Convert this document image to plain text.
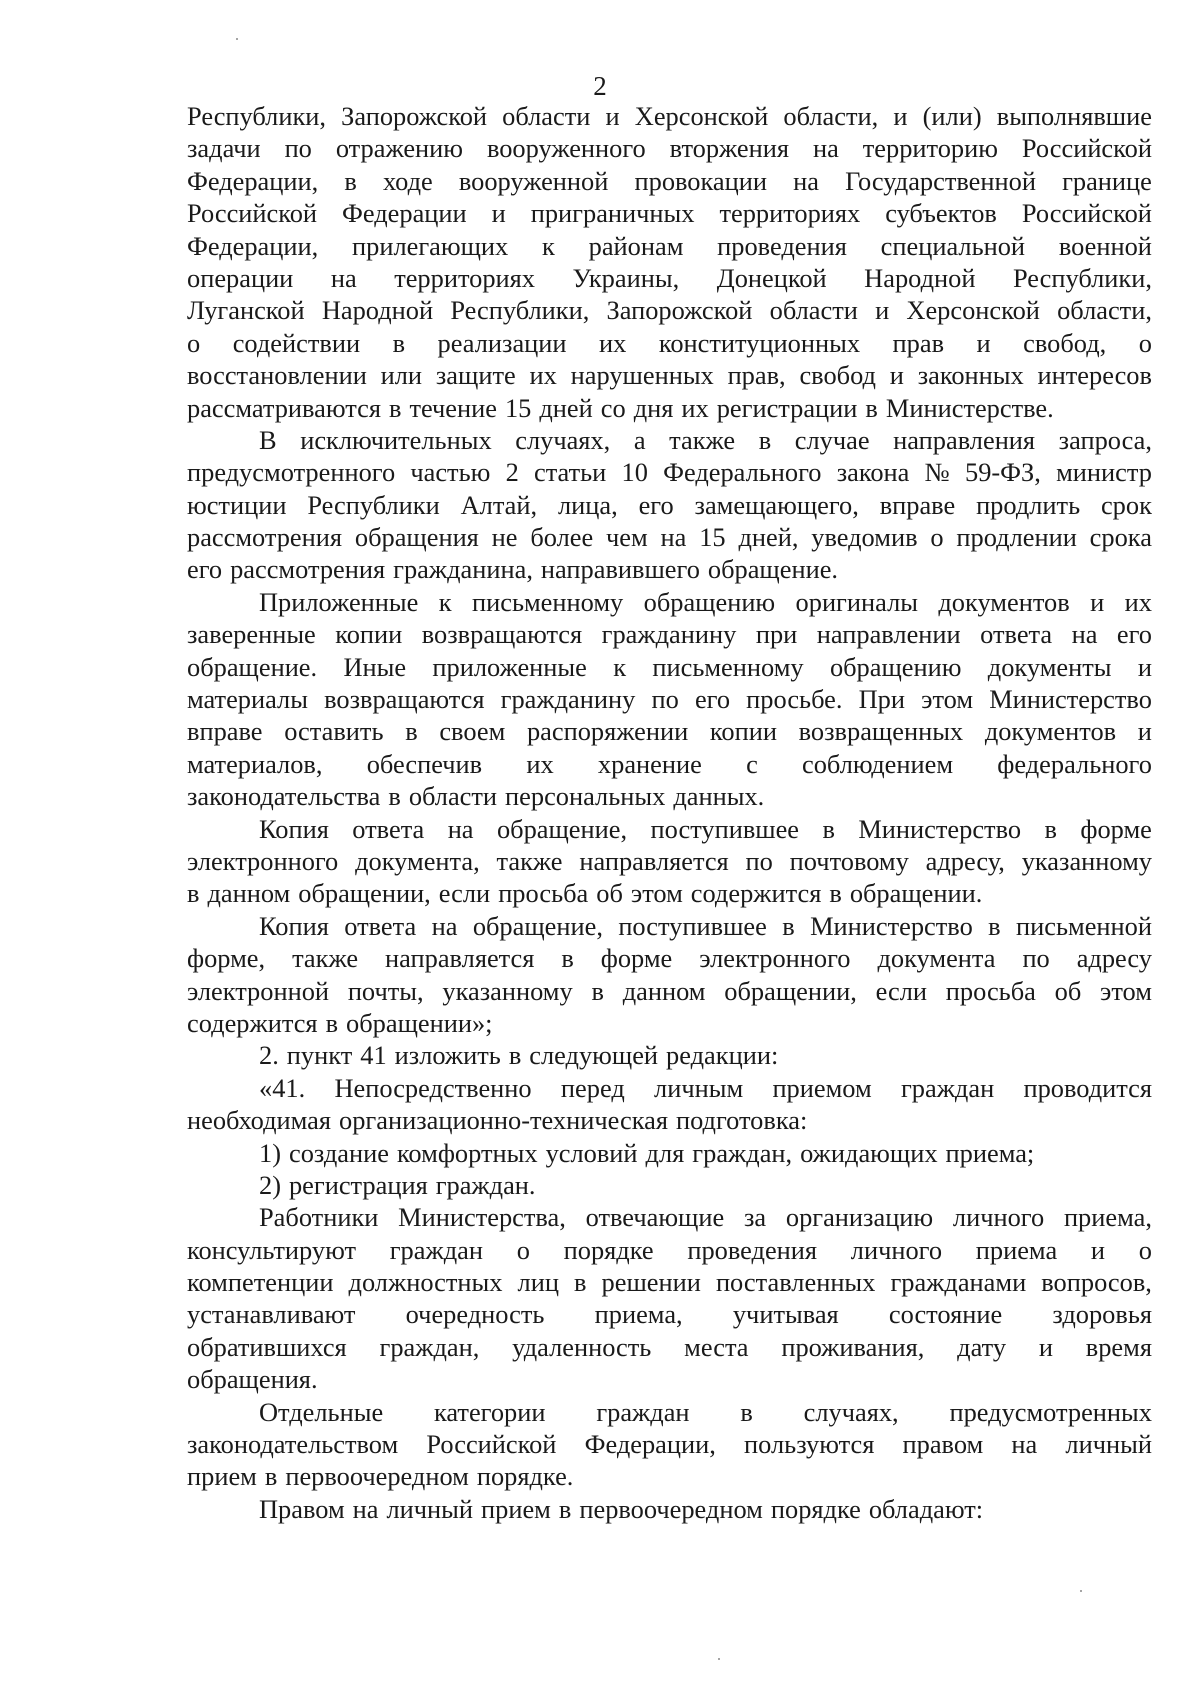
2
Республики, Запорожской области и Херсонской области, и (или) выполнявшие
задачи по отражению вооруженного вторжения на территорию Российской
Федерации, в ходе вооруженной провокации на Государственной границе
Российской Федерации и приграничных территориях субъектов Российской
Федерации, прилегающих к районам проведения специальной военной
операции на территориях Украины, Донецкой Народной Республики,
Луганской Народной Республики, Запорожской области и Херсонской области,
о содействии в реализации их конституционных прав и свобод, о
восстановлении или защите их нарушенных прав, свобод и законных интересов
рассматриваются в течение 15 дней со дня их регистрации в Министерстве.
В исключительных случаях, а также в случае направления запроса,
предусмотренного частью 2 статьи 10 Федерального закона № 59-ФЗ, министр
юстиции Республики Алтай, лица, его замещающего, вправе продлить срок
рассмотрения обращения не более чем на 15 дней, уведомив о продлении срока
его рассмотрения гражданина, направившего обращение.
Приложенные к письменному обращению оригиналы документов и их
заверенные копии возвращаются гражданину при направлении ответа на его
обращение. Иные приложенные к письменному обращению документы и
материалы возвращаются гражданину по его просьбе. При этом Министерство
вправе оставить в своем распоряжении копии возвращенных документов и
материалов, обеспечив их хранение с соблюдением федерального
законодательства в области персональных данных.
Копия ответа на обращение, поступившее в Министерство в форме
электронного документа, также направляется по почтовому адресу, указанному
в данном обращении, если просьба об этом содержится в обращении.
Копия ответа на обращение, поступившее в Министерство в письменной
форме, также направляется в форме электронного документа по адресу
электронной почты, указанному в данном обращении, если просьба об этом
содержится в обращении»;
2. пункт 41 изложить в следующей редакции:
«41. Непосредственно перед личным приемом граждан проводится
необходимая организационно-техническая подготовка:
1) создание комфортных условий для граждан, ожидающих приема;
2) регистрация граждан.
Работники Министерства, отвечающие за организацию личного приема,
консультируют граждан о порядке проведения личного приема и о
компетенции должностных лиц в решении поставленных гражданами вопросов,
устанавливают очередность приема, учитывая состояние здоровья
обратившихся граждан, удаленность места проживания, дату и время
обращения.
Отдельные категории граждан в случаях, предусмотренных
законодательством Российской Федерации, пользуются правом на личный
прием в первоочередном порядке.
Правом на личный прием в первоочередном порядке обладают:
